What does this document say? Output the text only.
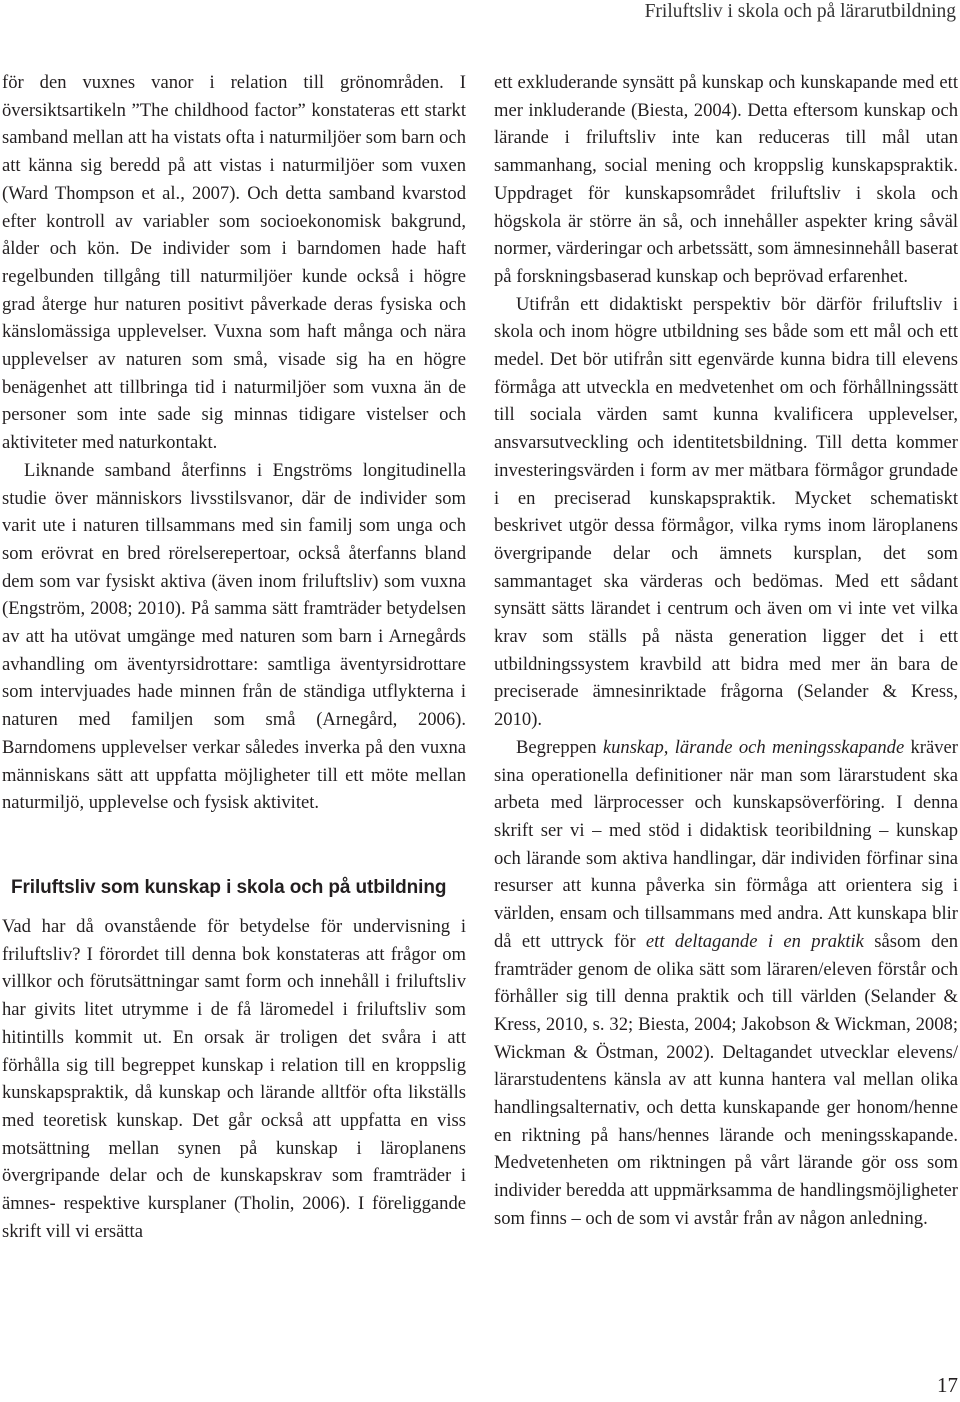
Friluftsliv i skola och på lärarutbildning

för den vuxnes vanor i relation till grönområden. I översiktsartikeln ”The childhood factor” konstateras ett starkt samband mellan att ha vistats ofta i naturmiljöer som barn och att känna sig beredd på att vistas i naturmiljöer som vuxen (Ward Thompson et al., 2007). Och detta samband kvarstod efter kontroll av variabler som socioekonomisk bakgrund, ålder och kön. De individer som i barndomen hade haft regelbunden tillgång till naturmiljöer kunde också i högre grad återge hur naturen positivt påverkade deras fysiska och känslomässiga upplevelser. Vuxna som haft många och nära upplevelser av naturen som små, visade sig ha en högre benägenhet att tillbringa tid i naturmiljöer som vuxna än de personer som inte sade sig minnas tidigare vistelser och aktiviteter med naturkontakt.

Liknande samband återfinns i Engströms longitudinella studie över människors livsstilsvanor, där de individer som varit ute i naturen tillsammans med sin familj som unga och som erövrat en bred rörelserepertoar, också återfanns bland dem som var fysiskt aktiva (även inom friluftsliv) som vuxna (Engström, 2008; 2010). På samma sätt framträder betydelsen av att ha utövat umgänge med naturen som barn i Arnegårds avhandling om äventyrsidrottare: samtliga äventyrsidrottare som intervjuades hade minnen från de ständiga utflykterna i naturen med familjen som små (Arnegård, 2006). Barndomens upplevelser verkar således inverka på den vuxna människans sätt att uppfatta möjligheter till ett möte mellan naturmiljö, upplevelse och fysisk aktivitet.

Friluftsliv som kunskap i skola och på utbildning

Vad har då ovanstående för betydelse för undervisning i friluftsliv? I förordet till denna bok konstateras att frågor om villkor och förutsättningar samt form och innehåll i friluftsliv har givits litet utrymme i de få läromedel i friluftsliv som hitintills kommit ut. En orsak är troligen det svåra i att förhålla sig till begreppet kunskap i relation till en kroppslig kunskapspraktik, då kunskap och lärande alltför ofta likställs med teoretisk kunskap. Det går också att uppfatta en viss motsättning mellan synen på kunskap i läroplanens övergripande delar och de kunskapskrav som framträder i ämnes- respektive kursplaner (Tholin, 2006). I föreliggande skrift vill vi ersätta

ett exkluderande synsätt på kunskap och kunskapande med ett mer inkluderande (Biesta, 2004). Detta eftersom kunskap och lärande i friluftsliv inte kan reduceras till mål utan sammanhang, social mening och kroppslig kunskapspraktik. Uppdraget för kunskapsområdet friluftsliv i skola och högskola är större än så, och innehåller aspekter kring såväl normer, värderingar och arbetssätt, som ämnesinnehåll baserat på forskningsbaserad kunskap och beprövad erfarenhet.

Utifrån ett didaktiskt perspektiv bör därför friluftsliv i skola och inom högre utbildning ses både som ett mål och ett medel. Det bör utifrån sitt egenvärde kunna bidra till elevens förmåga att utveckla en medvetenhet om och förhållningssätt till sociala värden samt kunna kvalificera upplevelser, ansvarsutveckling och identitetsbildning. Till detta kommer investeringsvärden i form av mer mätbara förmågor grundade i en preciserad kunskapspraktik. Mycket schematiskt beskrivet utgör dessa förmågor, vilka ryms inom läroplanens övergripande delar och ämnets kursplan, det som sammantaget ska värderas och bedömas. Med ett sådant synsätt sätts lärandet i centrum och även om vi inte vet vilka krav som ställs på nästa generation ligger det i ett utbildningssystem kravbild att bidra med mer än bara de preciserade ämnesinriktade frågorna (Selander & Kress, 2010).

Begreppen kunskap, lärande och meningsskapande kräver sina operationella definitioner när man som lärarstudent ska arbeta med lärprocesser och kunskapsöverföring. I denna skrift ser vi – med stöd i didaktisk teoribildning – kunskap och lärande som aktiva handlingar, där individen förfinar sina resurser att kunna påverka sin förmåga att orientera sig i världen, ensam och tillsammans med andra. Att kunskapa blir då ett uttryck för ett deltagande i en praktik såsom den framträder genom de olika sätt som läraren/eleven förstår och förhåller sig till denna praktik och till världen (Selander & Kress, 2010, s. 32; Biesta, 2004; Jakobson & Wickman, 2008; Wickman & Östman, 2002). Deltagandet utvecklar elevens/ lärarstudentens känsla av att kunna hantera val mellan olika handlingsalternativ, och detta kunskapande ger honom/henne en riktning på hans/hennes lärande och meningsskapande. Medvetenheten om riktningen på vårt lärande gör oss som individer beredda att uppmärksamma de handlingsmöjligheter som finns – och de som vi avstår från av någon anledning.

17
